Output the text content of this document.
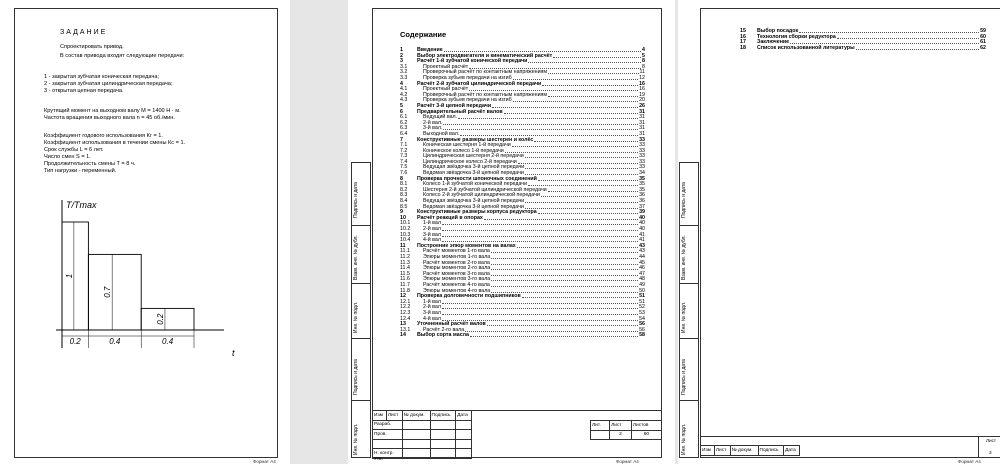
ЗАДАНИЕ
Спроектировать привод.
В состав привода входят следующие передачи:
1 - закрытая зубчатая коническая передача;
2 - закрытая зубчатая цилиндрическая передача;
3 - открытая цепная передача.
Крутящий момент на выходном валу М = 1400 Н · м.
Частота вращения выходного вала n = 45 об./мин.
Коэффициент годового использования Кг = 1.
Коэффициент использования в течении смены Кс = 1.
Срок службы L = 6 лет.
Число смен S = 1.
Продолжительность смены T = 8 ч.
Тип нагрузки - переменный.
T/Tmax
t
1
0.2
0.7
0.4
0.2
0.4
Формат А4
Подпись и дата
Взам. инв. № дубл.
Инв. № подл.
Подпись и дата
Инв. № подл.
Содержание
1	Введение	4
2	Выбор электродвигателя и кинематический расчёт	5
3	Расчёт 1-й зубчатой конической передачи	8
3.1	Проектный расчёт	8
3.2	Проверочный расчёт по контактным напряжениям	11
3.3	Проверка зубьев передачи на изгиб	12
4	Расчёт 2-й зубчатой цилиндрической передачи	16
4.1	Проектный расчёт	16
4.2	Проверочный расчёт по контактным напряжениям	19
4.3	Проверка зубьев передачи на изгиб	20
5	Расчёт 3-й цепной передачи	26
6	Предварительный расчёт валов	31
6.1	Ведущий вал.	31
6.2	2-й вал.	31
6.3	3-й вал.	31
6.4	Выходной вал.	31
7	Конструктивные размеры шестерен и колёс	33
7.1	Коническая шестерня 1-й передачи	33
7.2	Коническое колесо 1-й передачи	33
7.3	Цилиндрическая шестерня 2-й передачи	33
7.4	Цилиндрическое колесо 2-й передачи	33
7.5	Ведущая звёздочка 3-й цепной передачи	33
7.6	Ведомая звёздочка 3-й цепной передачи	34
8	Проверка прочности шпоночных соединений	35
8.1	Колесо 1-й зубчатой конической передачи	35
8.2	Шестерня 2-й зубчатой цилиндрической передачи	35
8.3	Колесо 2-й зубчатой цилиндрической передачи	36
8.4	Ведущая звёздочка 3-й цепной передачи	36
8.5	Ведомая звёздочка 3-й цепной передачи	37
9	Конструктивные размеры корпуса редуктора	39
10	Расчёт реакций в опорах	40
10.1	1-й вал	40
10.2	2-й вал	40
10.3	3-й вал	41
10.4	4-й вал	41
11	Построение эпюр моментов на валах	43
11.1	Расчёт моментов 1-го вала	43
11.2	Эпюры моментов 1-го вала	44
11.3	Расчёт моментов 2-го вала	45
11.4	Эпюры моментов 2-го вала	46
11.5	Расчёт моментов 3-го вала	47
11.6	Эпюры моментов 3-го вала	48
11.7	Расчёт моментов 4-го вала	49
11.8	Эпюры моментов 4-го вала	50
12	Проверка долговечности подшипников	51
12.1	1-й вал	51
12.2	2-й вал	52
12.3	3-й вал	53
12.4	4-й вал	54
13	Уточненный расчёт валов	56
13.1	Расчёт 2-го вала	56
14	Выбор сорта масла	58
Изм	Лист	№ докум.	Подпись	Дата
Разраб.				
Пров.				

Н. контр.				
Утв.
Лит.	Лист	Листов
	2	60
Формат А4
Подпись и дата
Взам. инв. № дубл.
Инв. № подл.
Подпись и дата
Инв. № подл.
15	Выбор посадок	59
16	Технология сборки редуктора	60
17	Заключение	61
18	Список использованной литературы	62
Изм	Лист	№ докум.	Подпись	Дата
Лист
3
Формат А4
